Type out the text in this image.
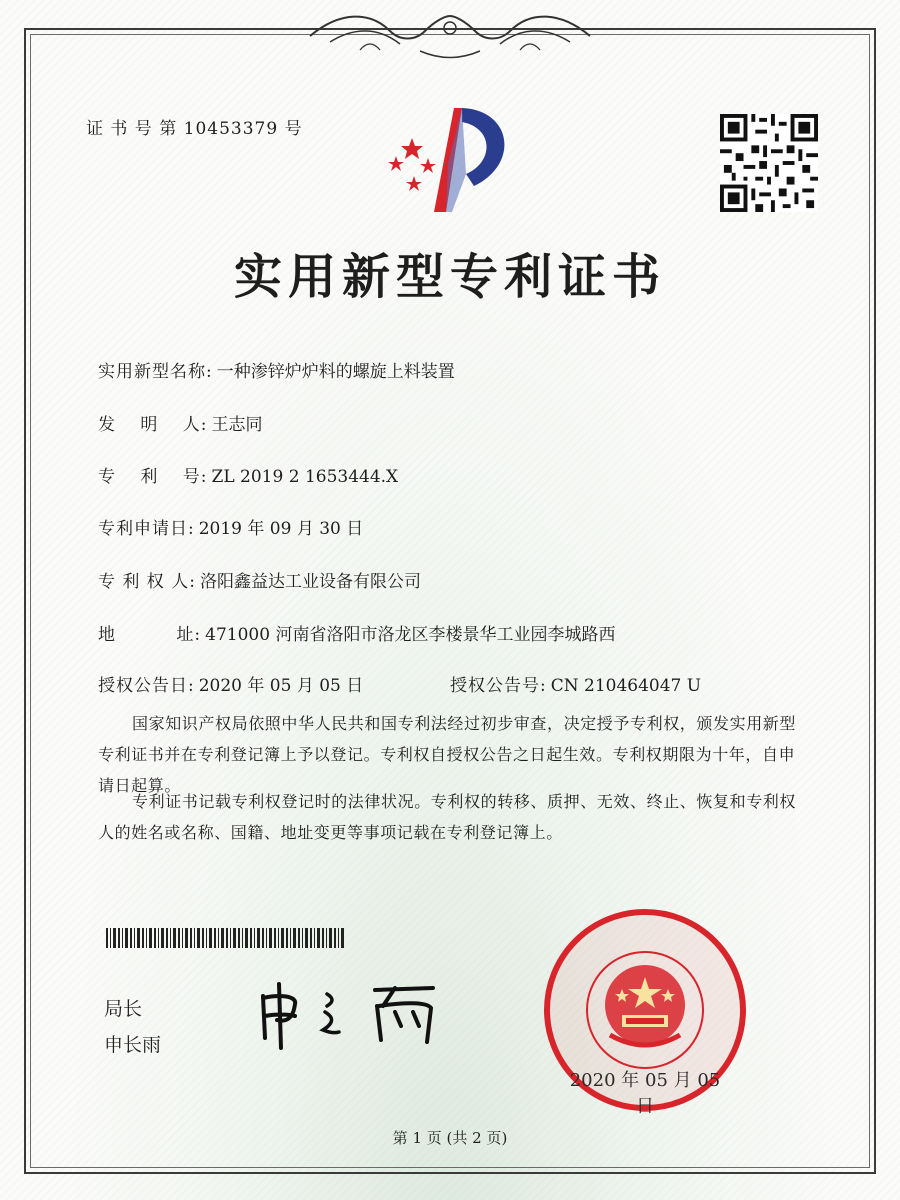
证 书 号 第 10453379 号
实用新型专利证书
实用新型名称: 一种渗锌炉炉料的螺旋上料装置
发　 明　 人: 王志同
专　 利　 号: ZL 2019 2 1653444.X
专利申请日: 2019 年 09 月 30 日
专 利 权 人: 洛阳鑫益达工业设备有限公司
地　　　 址: 471000 河南省洛阳市洛龙区李楼景华工业园李城路西
授权公告日: 2020 年 05 月 05 日	授权公告号: CN 210464047 U
国家知识产权局依照中华人民共和国专利法经过初步审查，决定授予专利权，颁发实用新型专利证书并在专利登记簿上予以登记。专利权自授权公告之日起生效。专利权期限为十年，自申请日起算。
专利证书记载专利权登记时的法律状况。专利权的转移、质押、无效、终止、恢复和专利权人的姓名或名称、国籍、地址变更等事项记载在专利登记簿上。
局长
申长雨
2020 年 05 月 05 日
第 1 页 (共 2 页)
